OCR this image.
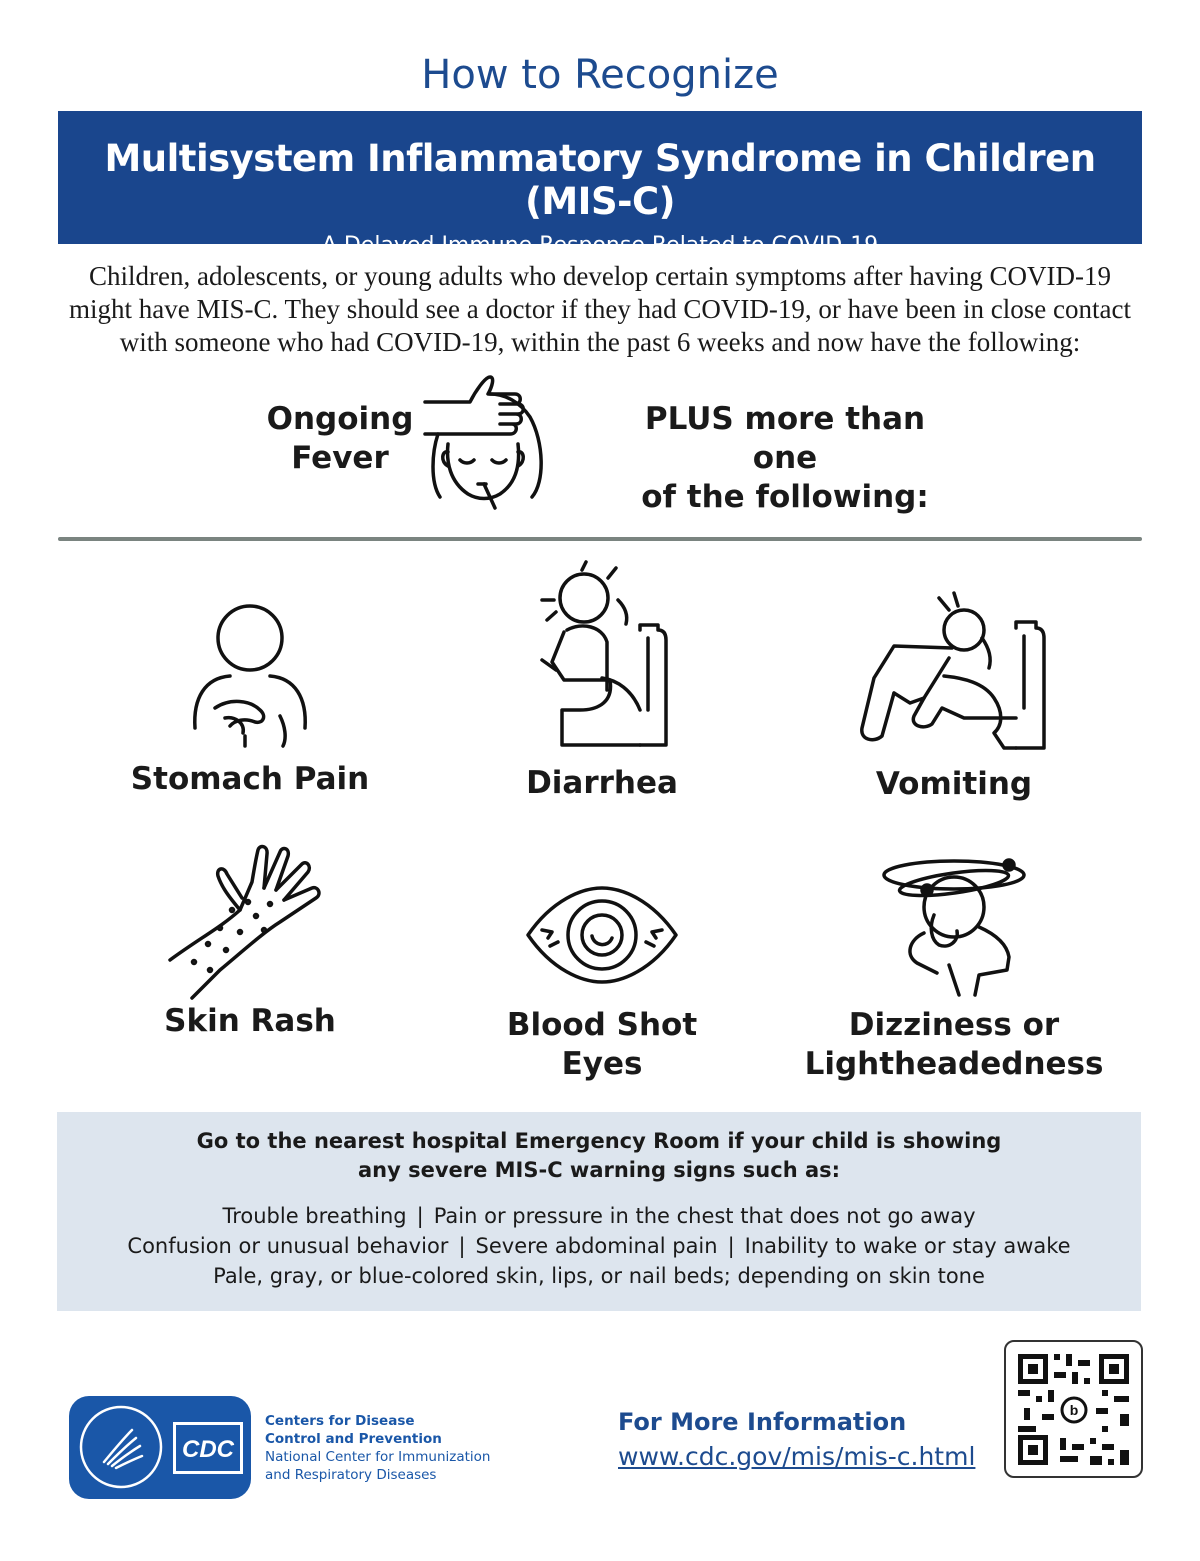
How to Recognize
Multisystem Inflammatory Syndrome in Children (MIS-C)
A Delayed Immune Response Related to COVID-19
Children, adolescents, or young adults who develop certain symptoms after having COVID-19
might have MIS-C. They should see a doctor if they had COVID-19, or have been in close contact
with someone who had COVID-19, within the past 6 weeks and now have the following:
Ongoing
Fever
PLUS more than one
of the following:
Stomach Pain	Diarrhea	Vomiting
Skin Rash	Blood Shot
Eyes
Dizziness or
Lightheadedness
Go to the nearest hospital Emergency Room if your child is showing
any severe MIS-C warning signs such as:
Trouble breathing | Pain or pressure in the chest that does not go away
Confusion or unusual behavior | Severe abdominal pain | Inability to wake or stay awake
Pale, gray, or blue-colored skin, lips, or nail beds; depending on skin tone
CDC
Centers for Disease
Control and Prevention
National Center for Immunization
and Respiratory Diseases
For More Information
www.cdc.gov/mis/mis-c.html
b
